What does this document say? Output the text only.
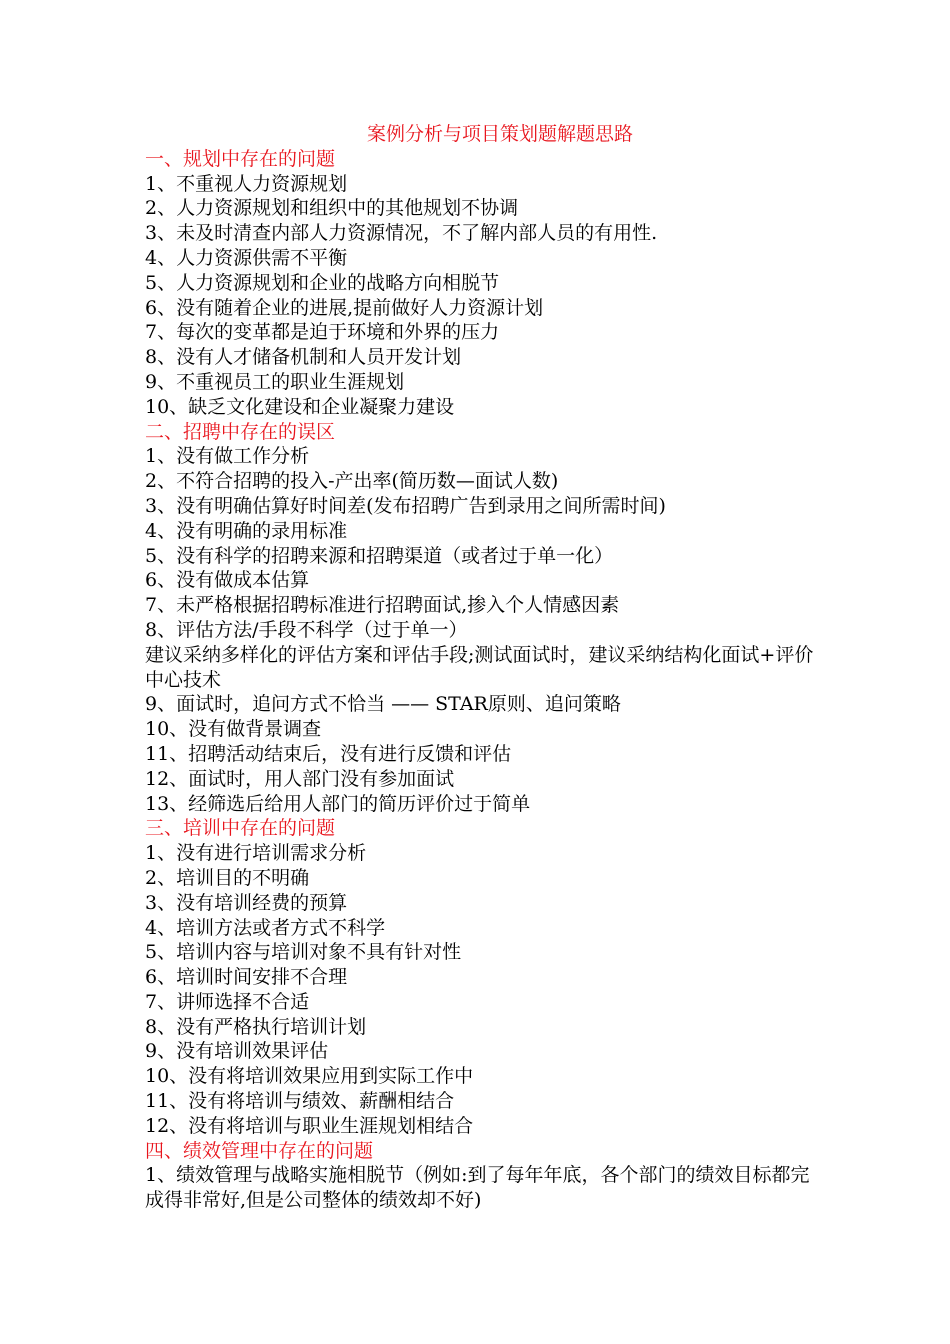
案例分析与项目策划题解题思路

一、规划中存在的问题

1、不重视人力资源规划

2、人力资源规划和组织中的其他规划不协调

3、未及时清查内部人力资源情况，不了解内部人员的有用性.

4、人力资源供需不平衡

5、人力资源规划和企业的战略方向相脱节

6、没有随着企业的进展,提前做好人力资源计划

7、每次的变革都是迫于环境和外界的压力

8、没有人才储备机制和人员开发计划

9、不重视员工的职业生涯规划

10、缺乏文化建设和企业凝聚力建设

二、招聘中存在的误区

1、没有做工作分析

2、不符合招聘的投入-产出率(简历数—面试人数)

3、没有明确估算好时间差(发布招聘广告到录用之间所需时间)

4、没有明确的录用标准

5、没有科学的招聘来源和招聘渠道（或者过于单一化）

6、没有做成本估算

7、未严格根据招聘标准进行招聘面试,掺入个人情感因素

8、评估方法/手段不科学（过于单一）

建议采纳多样化的评估方案和评估手段;测试面试时，建议采纳结构化面试+评价中心技术

9、面试时，追问方式不恰当 —— STAR原则、追问策略

10、没有做背景调查

11、招聘活动结束后，没有进行反馈和评估

12、面试时，用人部门没有参加面试

13、经筛选后给用人部门的简历评价过于简单

三、培训中存在的问题

1、没有进行培训需求分析

2、培训目的不明确

3、没有培训经费的预算

4、培训方法或者方式不科学

5、培训内容与培训对象不具有针对性

6、培训时间安排不合理

7、讲师选择不合适

8、没有严格执行培训计划

9、没有培训效果评估

10、没有将培训效果应用到实际工作中

11、没有将培训与绩效、薪酬相结合

12、没有将培训与职业生涯规划相结合

四、绩效管理中存在的问题

1、绩效管理与战略实施相脱节（例如:到了每年年底，各个部门的绩效目标都完成得非常好,但是公司整体的绩效却不好)
